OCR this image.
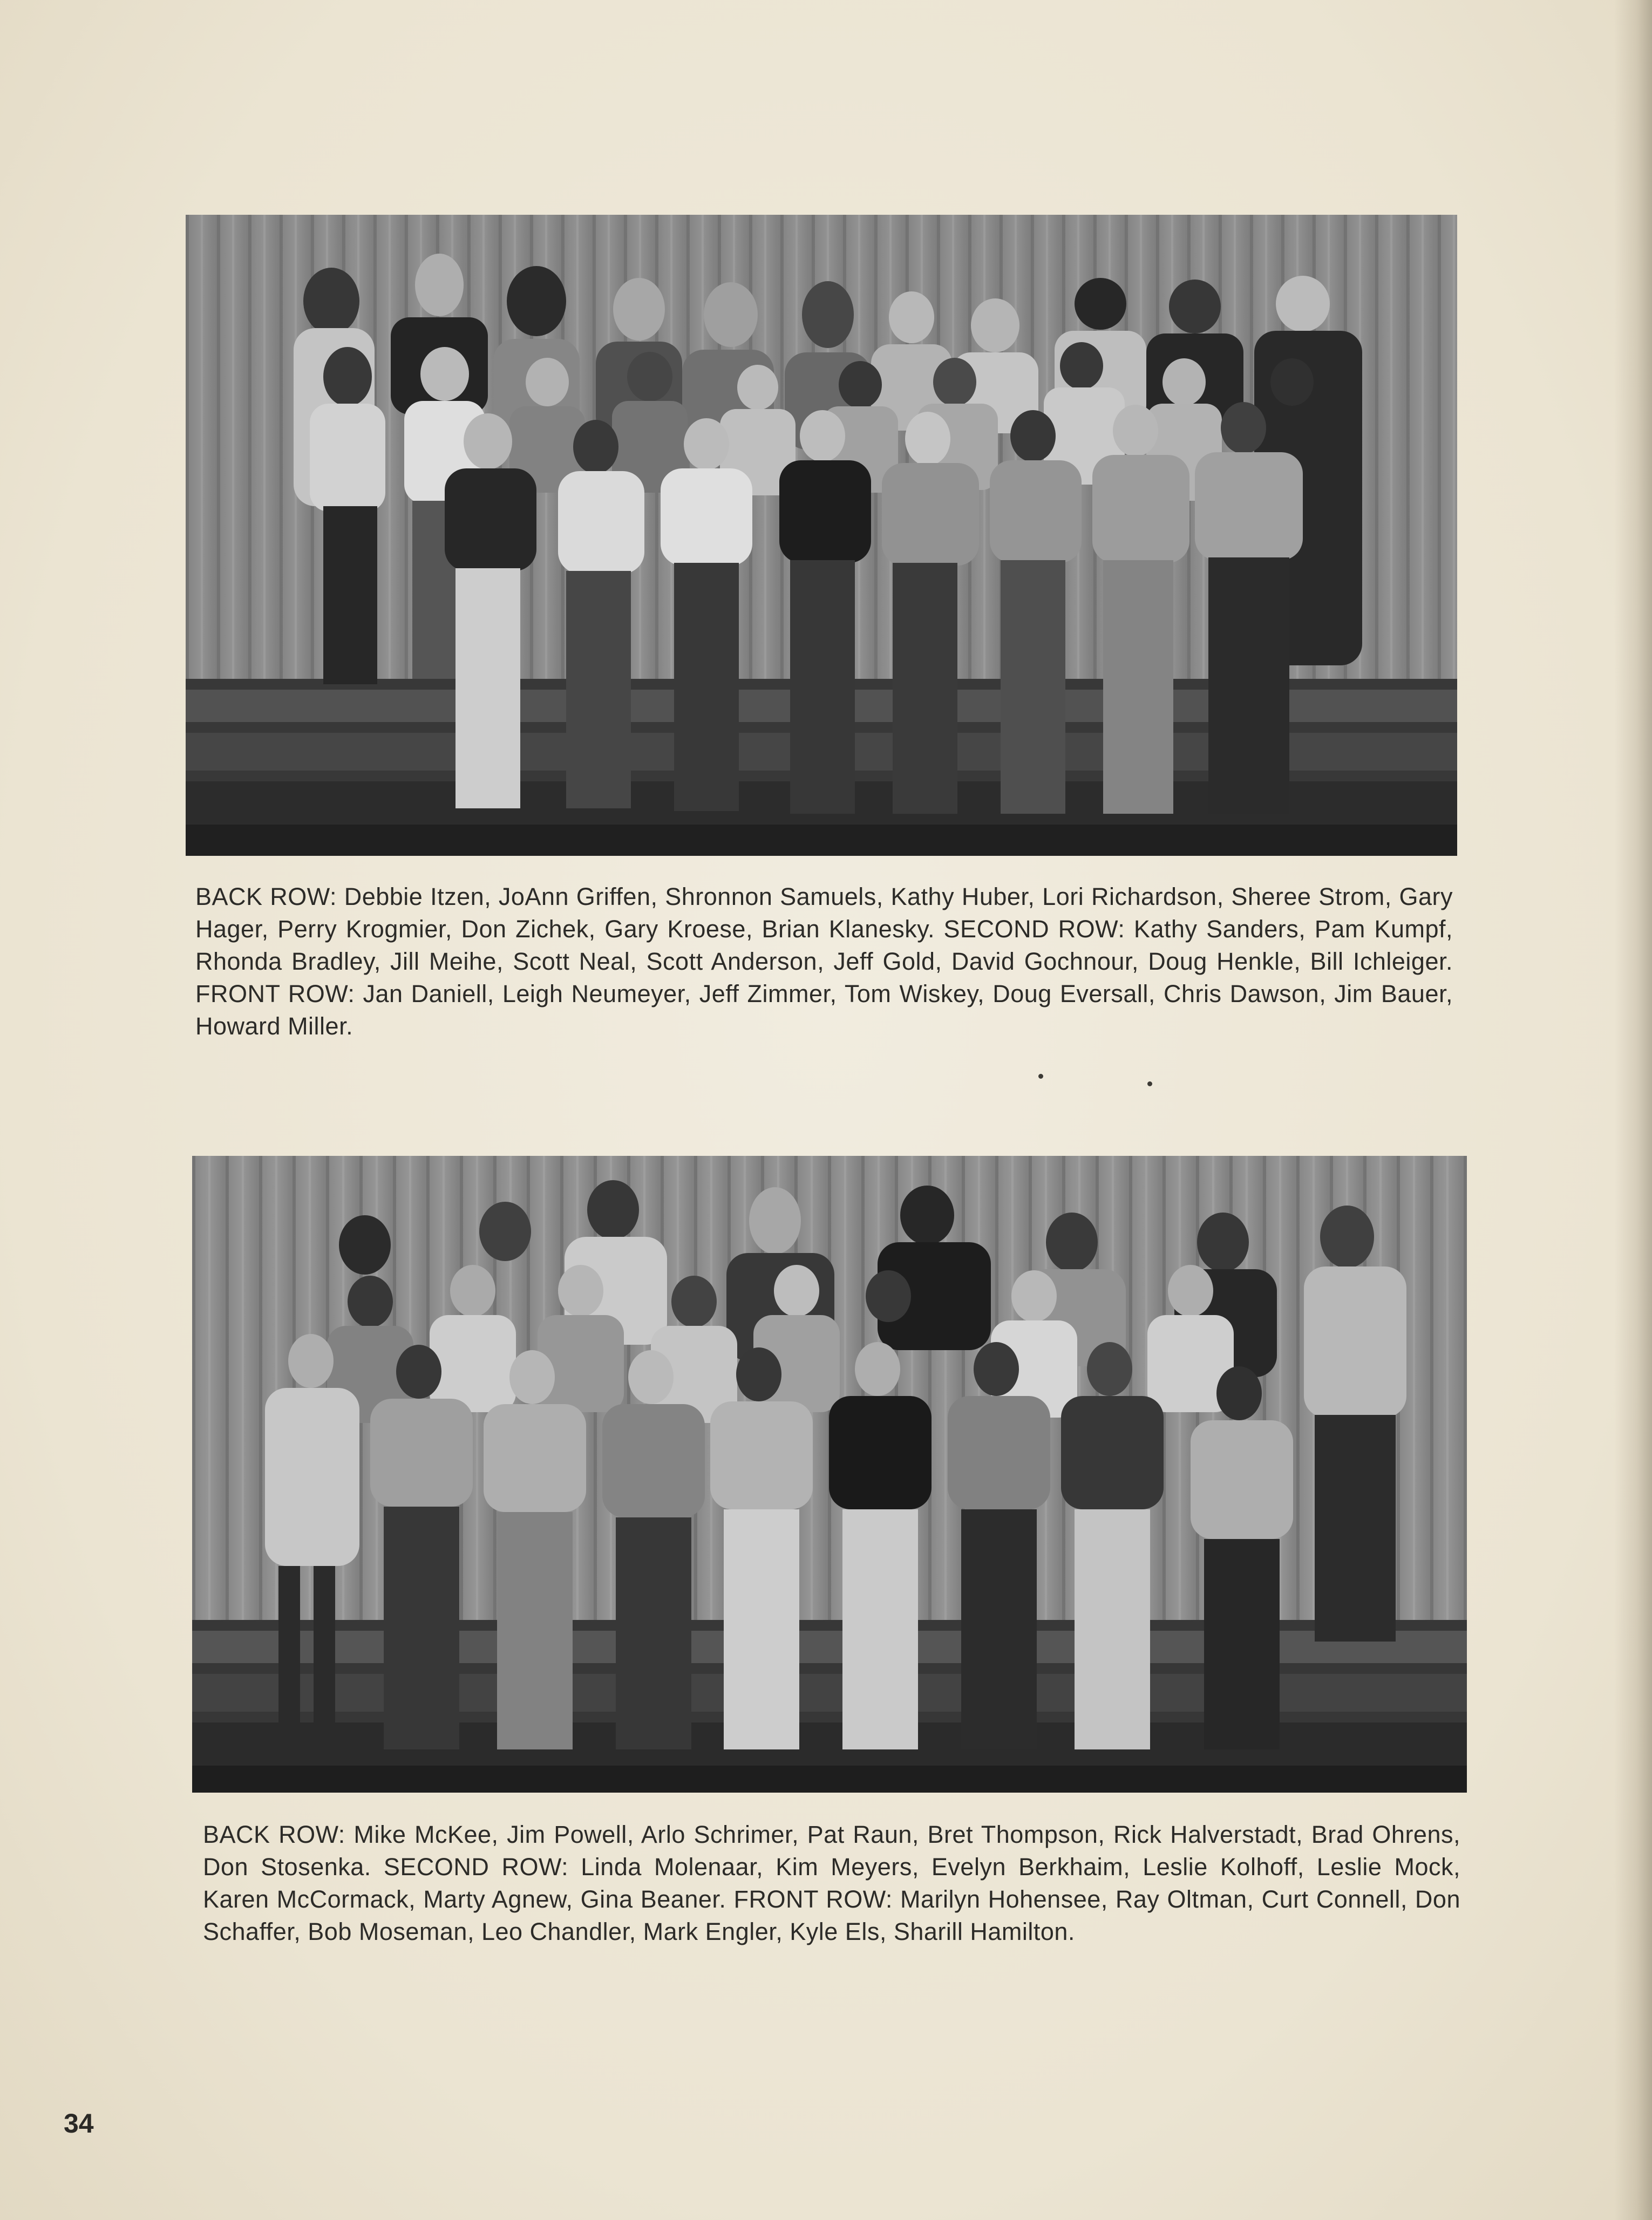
BACK ROW: Debbie Itzen, JoAnn Griffen, Shronnon Samuels, Kathy Huber, Lori Richardson, Sheree Strom, Gary Hager, Perry Krogmier, Don Zichek, Gary Kroese, Brian Klanesky. SECOND ROW: Kathy Sanders, Pam Kumpf, Rhonda Bradley, Jill Meihe, Scott Neal, Scott Anderson, Jeff Gold, David Gochnour, Doug Henkle, Bill Ichleiger. FRONT ROW: Jan Daniell, Leigh Neumeyer, Jeff Zimmer, Tom Wiskey, Doug Eversall, Chris Dawson, Jim Bauer, Howard Miller.

BACK ROW: Mike McKee, Jim Powell, Arlo Schrimer, Pat Raun, Bret Thompson, Rick Halverstadt, Brad Ohrens, Don Stosenka. SECOND ROW: Linda Molenaar, Kim Meyers, Evelyn Berkhaim, Leslie Kolhoff, Leslie Mock, Karen McCormack, Marty Agnew, Gina Beaner. FRONT ROW: Marilyn Hohensee, Ray Oltman, Curt Connell, Don Schaffer, Bob Moseman, Leo Chandler, Mark Engler, Kyle Els, Sharill Hamilton.

34
